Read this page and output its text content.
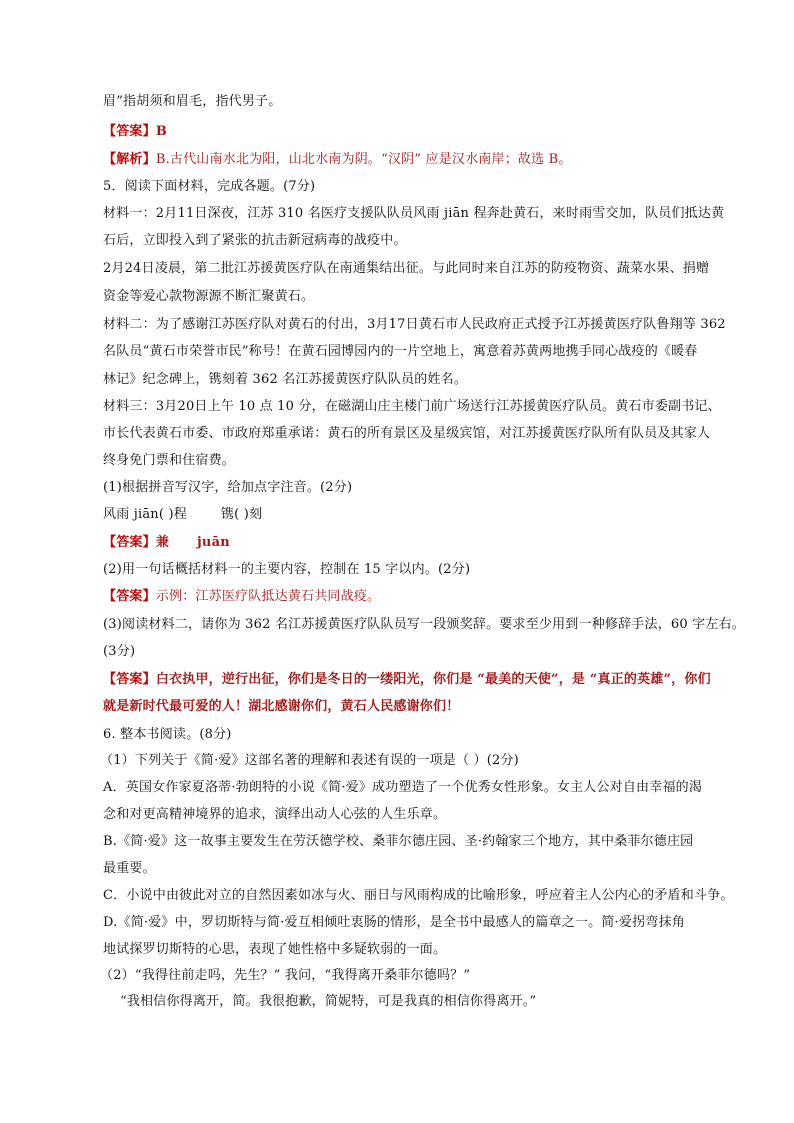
眉”指胡须和眉毛，指代男子。
【答案】B
【解析】B.古代山南水北为阳，山北水南为阴。“汉阴” 应是汉水南岸；故选 B。
5．阅读下面材料，完成各题。(7分)
材料一：2月11日深夜，江苏 310 名医疗支援队队员风雨 jiān 程奔赴黄石，来时雨雪交加，队员们抵达黄
石后，立即投入到了紧张的抗击新冠病毒的战疫中。
2月24日凌晨，第二批江苏援黄医疗队在南通集结出征。与此同时来自江苏的防疫物资、蔬菜水果、捐赠
资金等爱心款物源源不断汇聚黄石。
材料二：为了感谢江苏医疗队对黄石的付出，3月17日黄石市人民政府正式授予江苏援黄医疗队鲁翔等 362
名队员“黄石市荣誉市民”称号！在黄石园博园内的一片空地上，寓意着苏黄两地携手同心战疫的《暖春
林记》纪念碑上，镌刻着 362 名江苏援黄医疗队队员的姓名。
材料三：3月20日上午 10 点 10 分，在磁湖山庄主楼门前广场送行江苏援黄医疗队员。黄石市委副书记、
市长代表黄石市委、市政府郑重承诺：黄石的所有景区及星级宾馆，对江苏援黄医疗队所有队员及其家人
终身免门票和住宿费。
(1)根据拼音写汉字，给加点字注音。(2分)
风雨 jiān( )程	镌( )刻
【答案】兼 juān
(2)用一句话概括材料一的主要内容，控制在 15 字以内。(2分)
【答案】示例：江苏医疗队抵达黄石共同战疫。
(3)阅读材料二，请你为 362 名江苏援黄医疗队队员写一段颁奖辞。要求至少用到一种修辞手法，60 字左右。
(3分)
【答案】白衣执甲，逆行出征，你们是冬日的一缕阳光，你们是 “最美的天使”，是 “真正的英雄”，你们
就是新时代最可爱的人！湖北感谢你们，黄石人民感谢你们！
6. 整本书阅读。(8分)
（1）下列关于《简·爱》这部名著的理解和表述有误的一项是（ ）(2分)
A．英国女作家夏洛蒂·勃朗特的小说《简·爱》成功塑造了一个优秀女性形象。女主人公对自由幸福的渴
念和对更高精神境界的追求，演绎出动人心弦的人生乐章。
B.《简·爱》这一故事主要发生在劳沃德学校、桑菲尔德庄园、圣·约翰家三个地方，其中桑菲尔德庄园
最重要。
C．小说中由彼此对立的自然因素如冰与火、丽日与风雨构成的比喻形象，呼应着主人公内心的矛盾和斗争。
D.《简·爱》中，罗切斯特与简·爱互相倾吐衷肠的情形，是全书中最感人的篇章之一。简·爱拐弯抹角
地试探罗切斯特的心思，表现了她性格中多疑软弱的一面。
（2）“我得往前走吗，先生？” 我问，“我得离开桑菲尔德吗？”
“我相信你得离开，简。我很抱歉，简妮特，可是我真的相信你得离开。”
